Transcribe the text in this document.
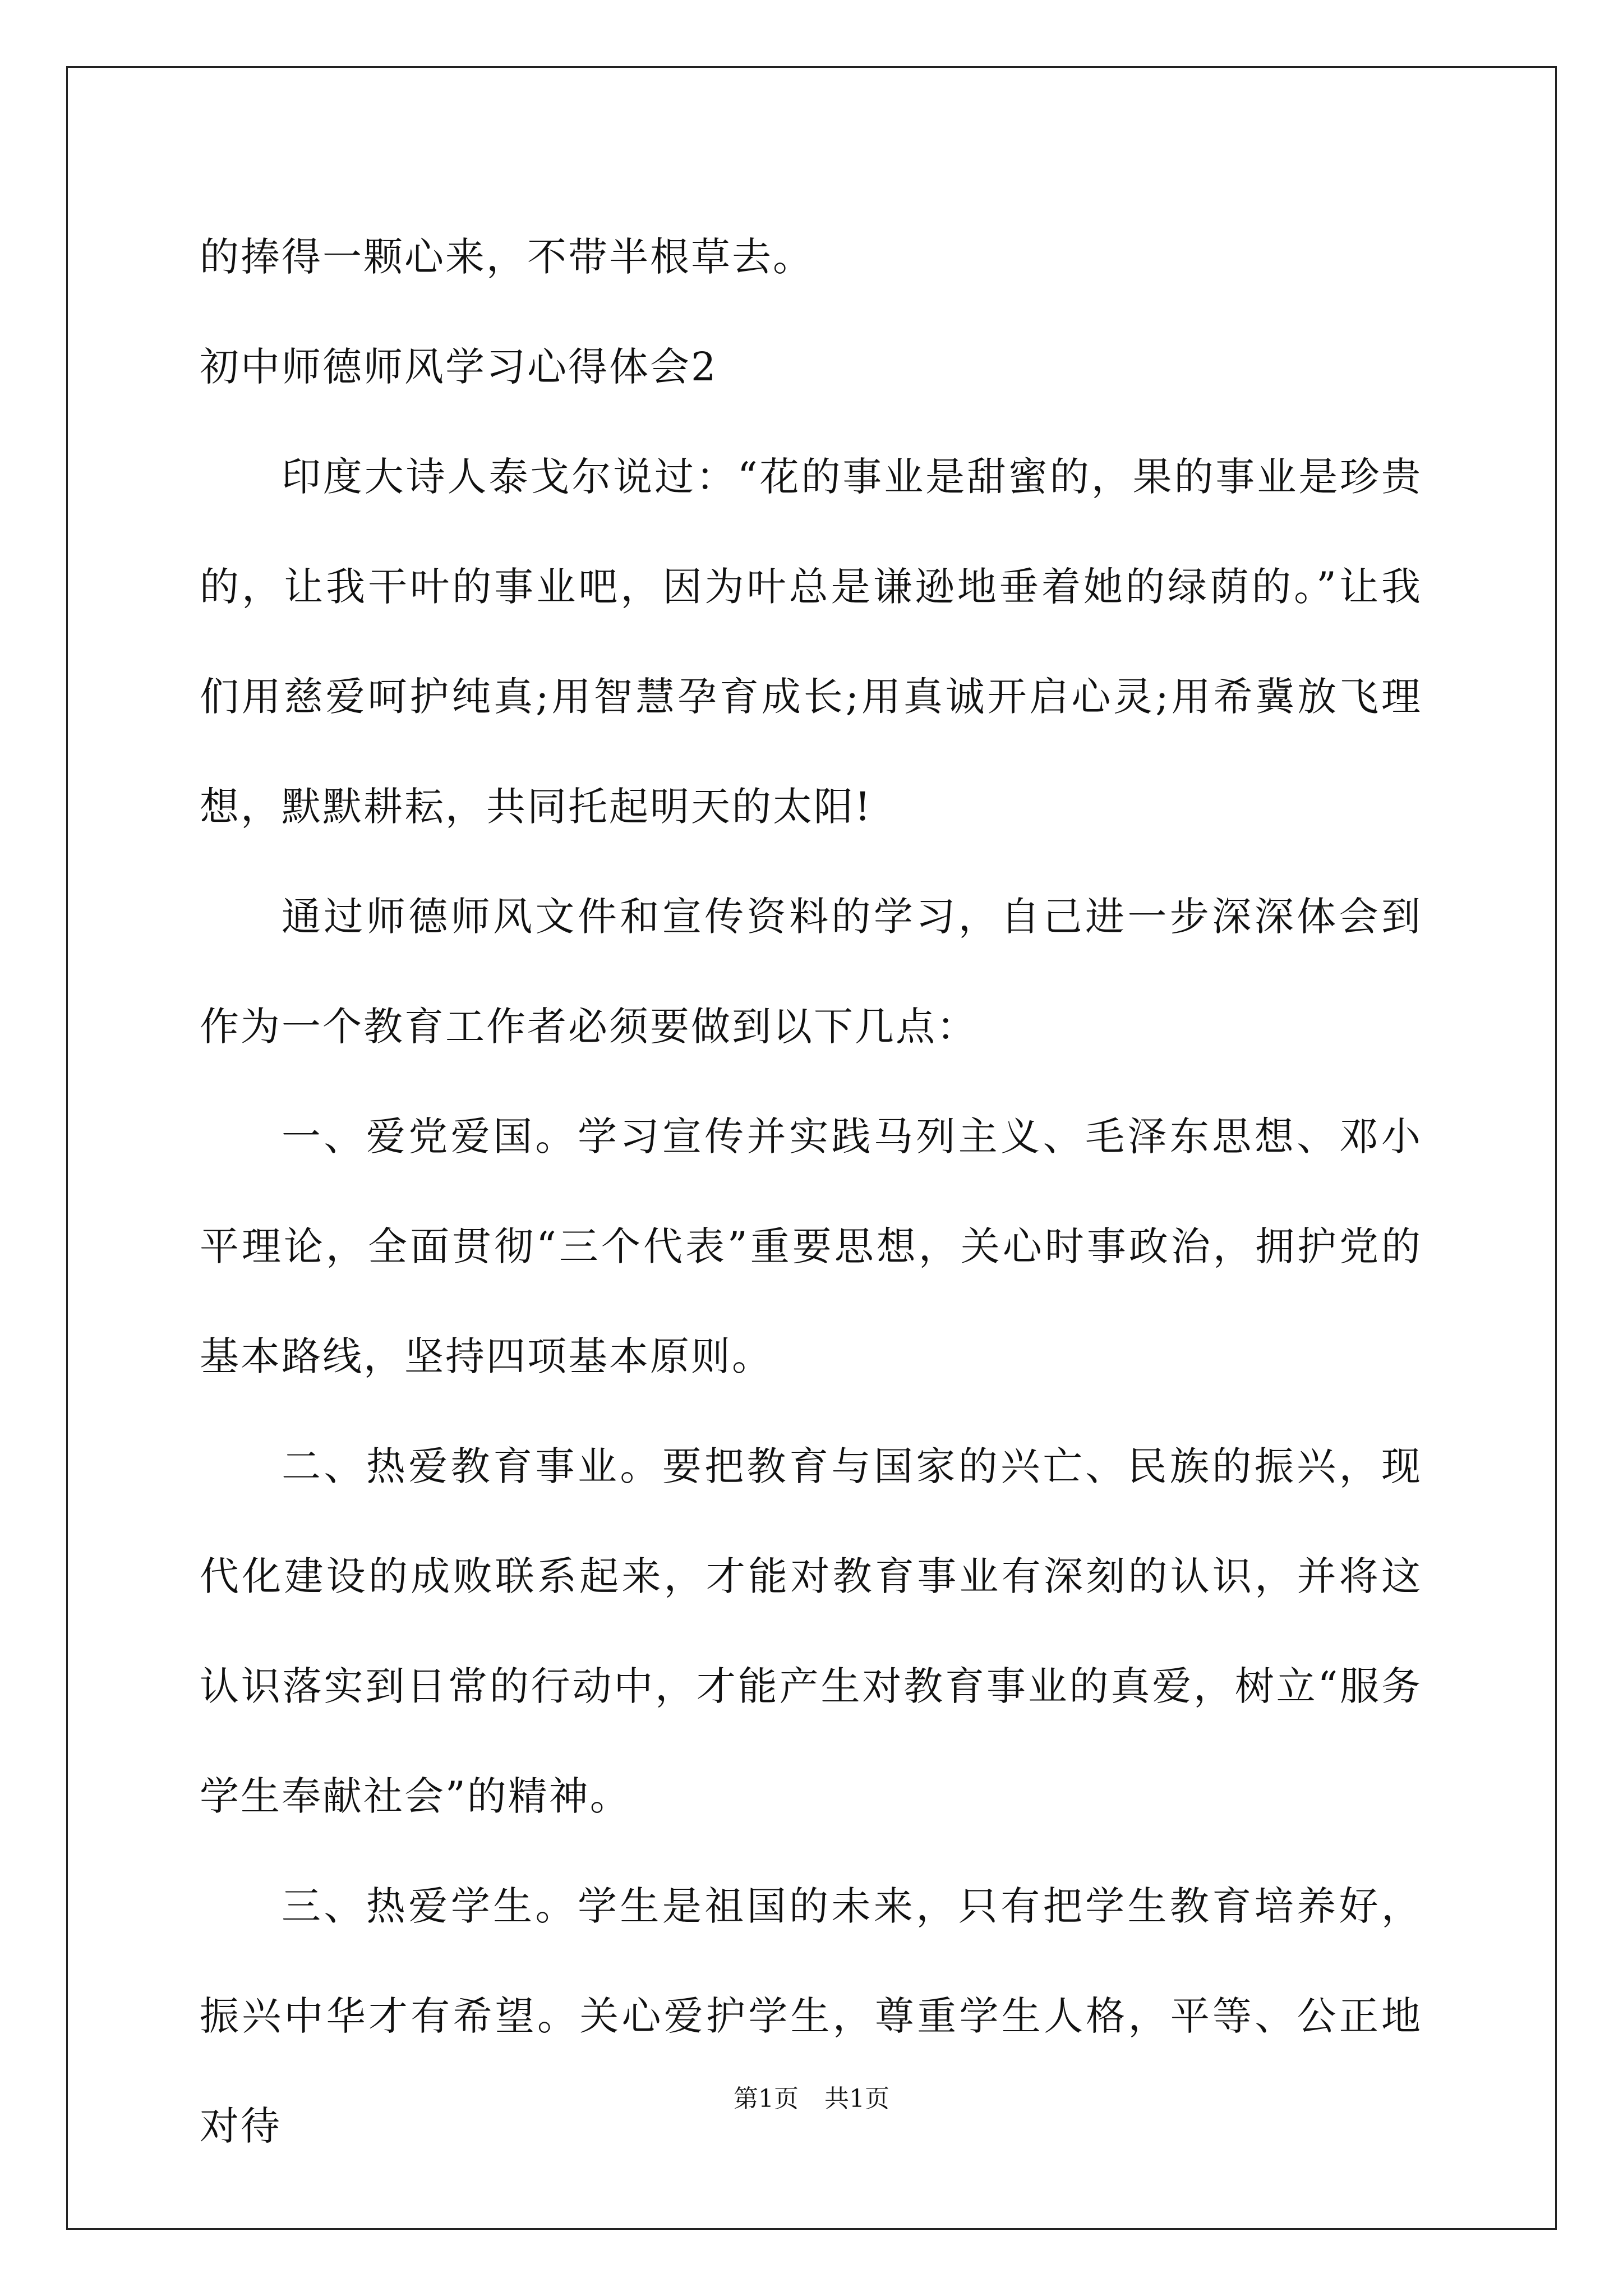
的捧得一颗心来，不带半根草去。

初中师德师风学习心得体会2

印度大诗人泰戈尔说过：“花的事业是甜蜜的，果的事业是珍贵的，让我干叶的事业吧，因为叶总是谦逊地垂着她的绿荫的。”让我们用慈爱呵护纯真;用智慧孕育成长;用真诚开启心灵;用希冀放飞理想，默默耕耘，共同托起明天的太阳!

通过师德师风文件和宣传资料的学习，自己进一步深深体会到作为一个教育工作者必须要做到以下几点：

一、爱党爱国。学习宣传并实践马列主义、毛泽东思想、邓小平理论，全面贯彻“三个代表”重要思想，关心时事政治，拥护党的基本路线，坚持四项基本原则。

二、热爱教育事业。要把教育与国家的兴亡、民族的振兴，现代化建设的成败联系起来，才能对教育事业有深刻的认识，并将这认识落实到日常的行动中，才能产生对教育事业的真爱，树立“服务学生奉献社会”的精神。

三、热爱学生。学生是祖国的未来，只有把学生教育培养好，振兴中华才有希望。关心爱护学生，尊重学生人格，平等、公正地对待

第1页 共1页
